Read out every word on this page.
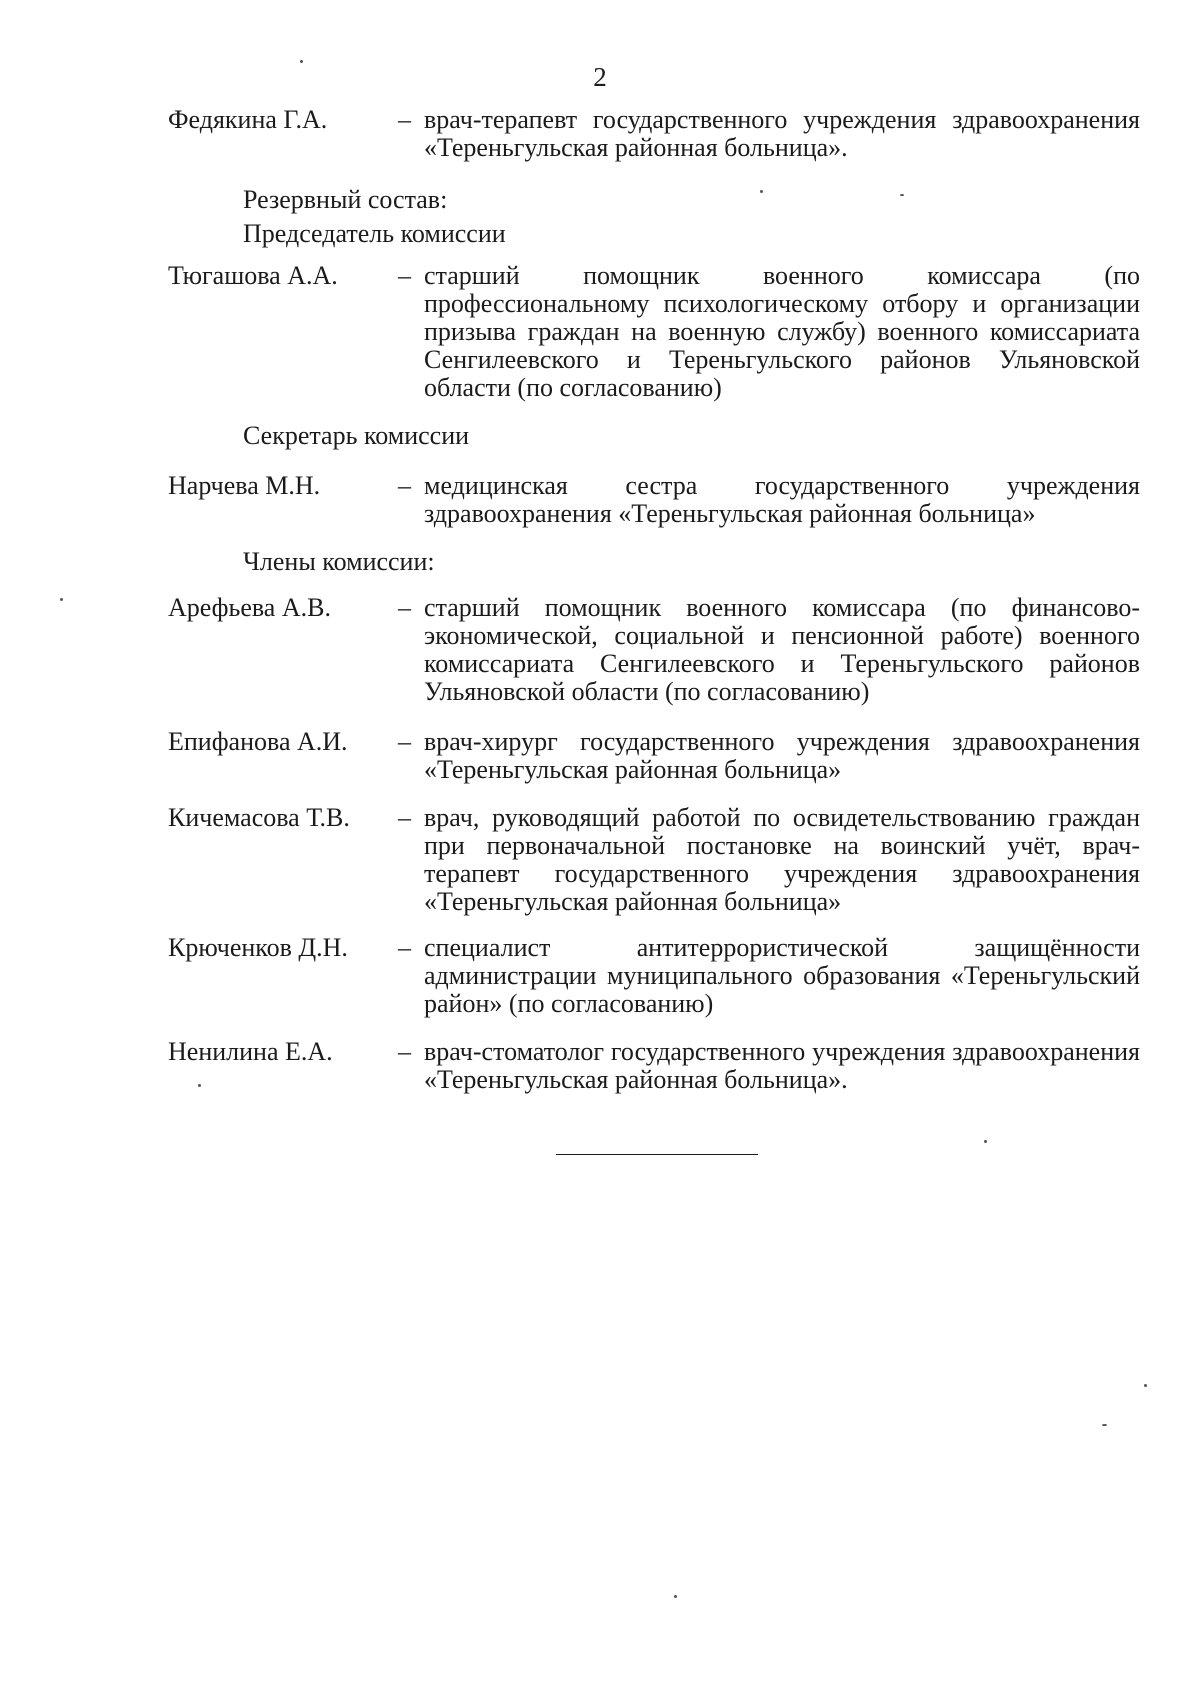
2
Федякина Г.А.	– врач-терапевт государственного учреждения здравоохранения «Тереньгульская районная больница».
Резервный состав:
Председатель комиссии
Тюгашова А.А. – старший помощник военного комиссара (по профессиональному психологическому отбору и организации призыва граждан на военную службу) военного комиссариата Сенгилеевского и Тереньгульского районов Ульяновской области (по согласованию)
Секретарь комиссии
Нарчева М.Н.	– медицинская сестра государственного учреждения здравоохранения «Тереньгульская районная больница»
Члены комиссии:
Арефьева А.В.	– старший помощник военного комиссара (по финансово-экономической, социальной и пенсионной работе) военного комиссариата Сенгилеевского и Тереньгульского районов Ульяновской области (по согласованию)
Епифанова А.И. – врач-хирург государственного учреждения здравоохранения «Тереньгульская районная больница»
Кичемасова Т.В. – врач, руководящий работой по освидетельствованию граждан при первоначальной постановке на воинский учёт, врач-терапевт государственного учреждения здравоохранения «Тереньгульская районная больница»
Крюченков Д.Н. – специалист антитеррористической защищённости администрации муниципального образования «Тереньгульский район» (по согласованию)
Ненилина Е.А.	– врач-стоматолог государственного учреждения здравоохранения «Тереньгульская районная больница».
